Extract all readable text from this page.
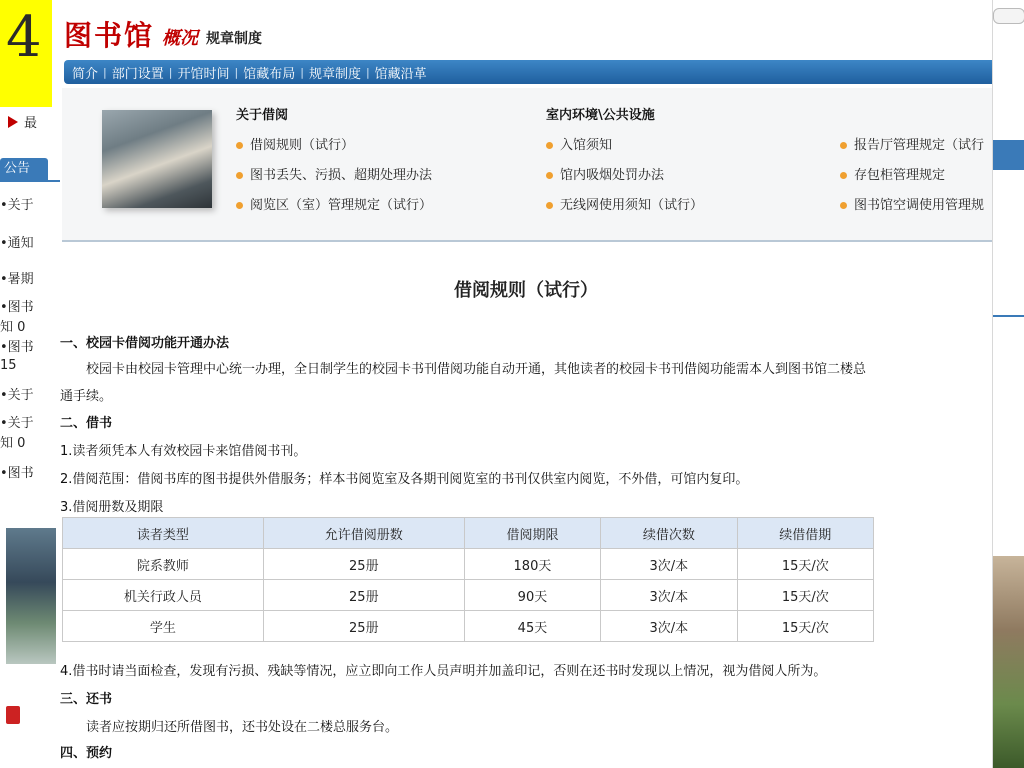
4
最
公告
•关于
•通知
•暑期
•图书
知 0
•图书
15
•关于
•关于
知 0
•图书
图书馆 概况 规章制度
简介 | 部门设置 | 开馆时间 | 馆藏布局 | 规章制度 | 馆藏沿革
关于借阅
借阅规则（试行）
图书丢失、污损、超期处理办法
阅览区（室）管理规定（试行）
室内环境\公共设施
入馆须知
馆内吸烟处罚办法
无线网使用须知（试行）
报告厅管理规定（试行
存包柜管理规定
图书馆空调使用管理规
借阅规则（试行）
一、校园卡借阅功能开通办法
　　校园卡由校园卡管理中心统一办理，全日制学生的校园卡书刊借阅功能自动开通，其他读者的校园卡书刊借阅功能需本人到图书馆二楼总
通手续。
二、借书
1.读者须凭本人有效校园卡来馆借阅书刊。
2.借阅范围：借阅书库的图书提供外借服务；样本书阅览室及各期刊阅览室的书刊仅供室内阅览，不外借，可馆内复印。
3.借阅册数及期限
读者类型	允许借阅册数	借阅期限	续借次数	续借借期
院系教师	25册	180天	3次/本	15天/次
机关行政人员	25册	90天	3次/本	15天/次
学生	25册	45天	3次/本	15天/次
4.借书时请当面检查，发现有污损、残缺等情况，应立即向工作人员声明并加盖印记，否则在还书时发现以上情况，视为借阅人所为。
三、还书
　　读者应按期归还所借图书，还书处设在二楼总服务台。
四、预约
